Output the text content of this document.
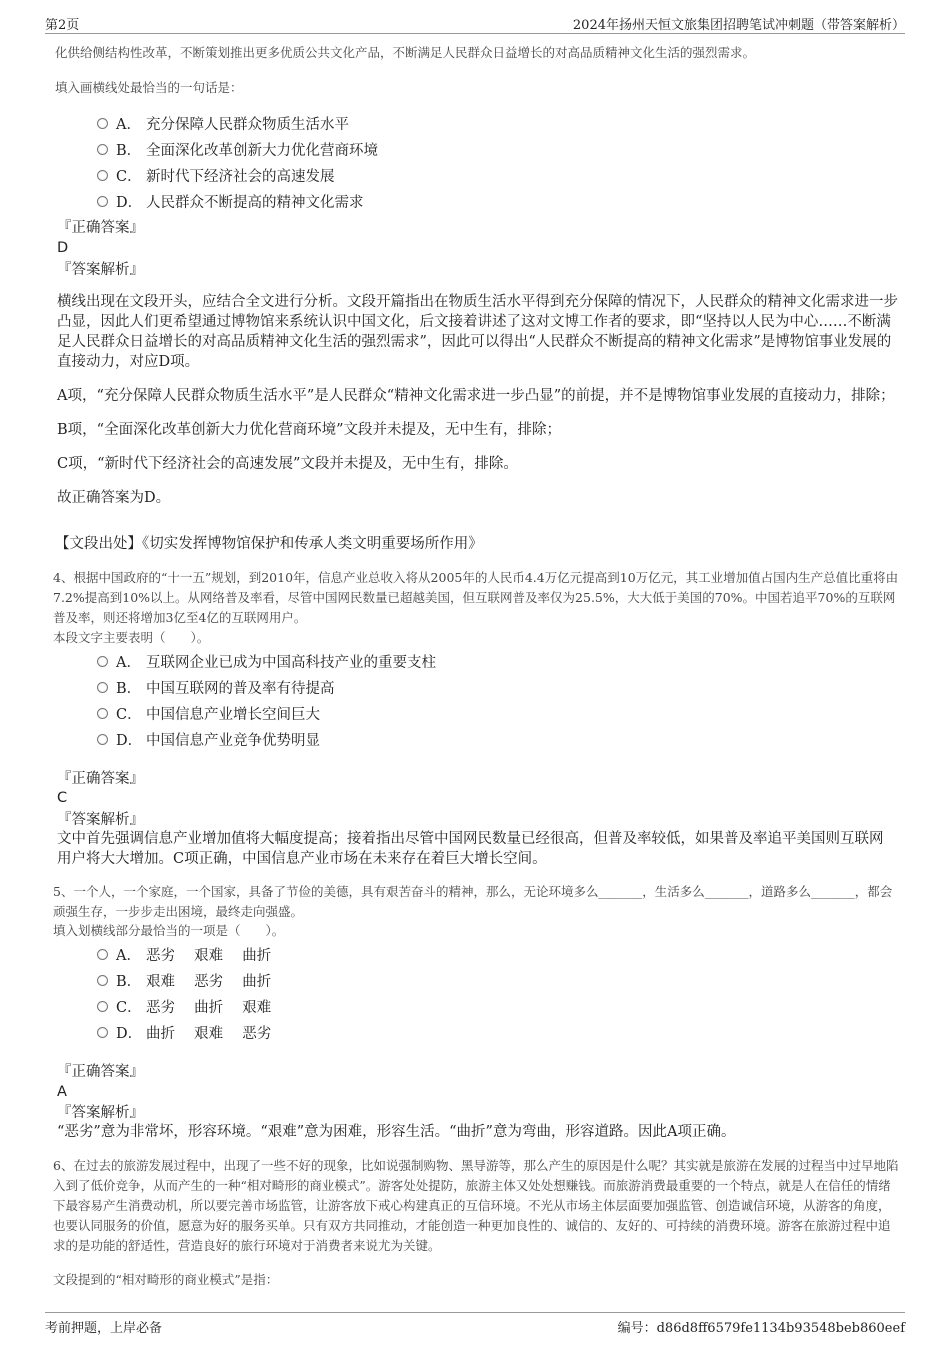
第2页	2024年扬州天恒文旅集团招聘笔试冲刺题（带答案解析）
化供给侧结构性改革，不断策划推出更多优质公共文化产品，不断满足人民群众日益增长的对高品质精神文化生活的强烈需求。
填入画横线处最恰当的一句话是：
A． 充分保障人民群众物质生活水平
B． 全面深化改革创新大力优化营商环境
C． 新时代下经济社会的高速发展
D． 人民群众不断提高的精神文化需求
『正确答案』
D
『答案解析』

横线出现在文段开头，应结合全文进行分析。文段开篇指出在物质生活水平得到充分保障的情况下，人民群众的精神文化需求进一步凸显，因此人们更希望通过博物馆来系统认识中国文化，后文接着讲述了这对文博工作者的要求，即“坚持以人民为中心……不断满足人民群众日益增长的对高品质精神文化生活的强烈需求”，因此可以得出“人民群众不断提高的精神文化需求”是博物馆事业发展的直接动力，对应D项。

A项，“充分保障人民群众物质生活水平”是人民群众“精神文化需求进一步凸显”的前提，并不是博物馆事业发展的直接动力，排除；

B项，“全面深化改革创新大力优化营商环境”文段并未提及，无中生有，排除；

C项，“新时代下经济社会的高速发展”文段并未提及，无中生有，排除。

故正确答案为D。

【文段出处】《切实发挥博物馆保护和传承人类文明重要场所作用》
4、根据中国政府的“十一五”规划，到2010年，信息产业总收入将从2005年的人民币4.4万亿元提高到10万亿元，其工业增加值占国内生产总值比重将由7.2%提高到10%以上。从网络普及率看，尽管中国网民数量已超越美国，但互联网普及率仅为25.5%，大大低于美国的70%。中国若追平70%的互联网普及率，则还将增加3亿至4亿的互联网用户。
本段文字主要表明（　　）。
A． 互联网企业已成为中国高科技产业的重要支柱
B． 中国互联网的普及率有待提高
C． 中国信息产业增长空间巨大
D． 中国信息产业竞争优势明显
『正确答案』
C
『答案解析』
文中首先强调信息产业增加值将大幅度提高；接着指出尽管中国网民数量已经很高，但普及率较低，如果普及率追平美国则互联网用户将大大增加。C项正确，中国信息产业市场在未来存在着巨大增长空间。
5、一个人，一个家庭，一个国家，具备了节俭的美德，具有艰苦奋斗的精神，那么，无论环境多么_______，生活多么_______，道路多么_______，都会顽强生存，一步步走出困境，最终走向强盛。
填入划横线部分最恰当的一项是（　　）。
A． 恶劣　 艰难　 曲折
B． 艰难　 恶劣　 曲折
C． 恶劣　 曲折　 艰难
D． 曲折　 艰难　 恶劣
『正确答案』
A
『答案解析』
“恶劣”意为非常坏，形容环境。“艰难”意为困难，形容生活。“曲折”意为弯曲，形容道路。因此A项正确。
6、在过去的旅游发展过程中，出现了一些不好的现象，比如说强制购物、黑导游等，那么产生的原因是什么呢？其实就是旅游在发展的过程当中过早地陷入到了低价竞争，从而产生的一种“相对畸形的商业模式”。游客处处提防，旅游主体又处处想赚钱。而旅游消费最重要的一个特点，就是人在信任的情绪下最容易产生消费动机，所以要完善市场监管，让游客放下戒心构建真正的互信环境。不光从市场主体层面要加强监管、创造诚信环境，从游客的角度，也要认同服务的价值，愿意为好的服务买单。只有双方共同推动，才能创造一种更加良性的、诚信的、友好的、可持续的消费环境。游客在旅游过程中追求的是功能的舒适性，营造良好的旅行环境对于消费者来说尤为关键。
文段提到的“相对畸形的商业模式”是指：
考前押题，上岸必备	编号：d86d8ff6579fe1134b93548beb860eef
